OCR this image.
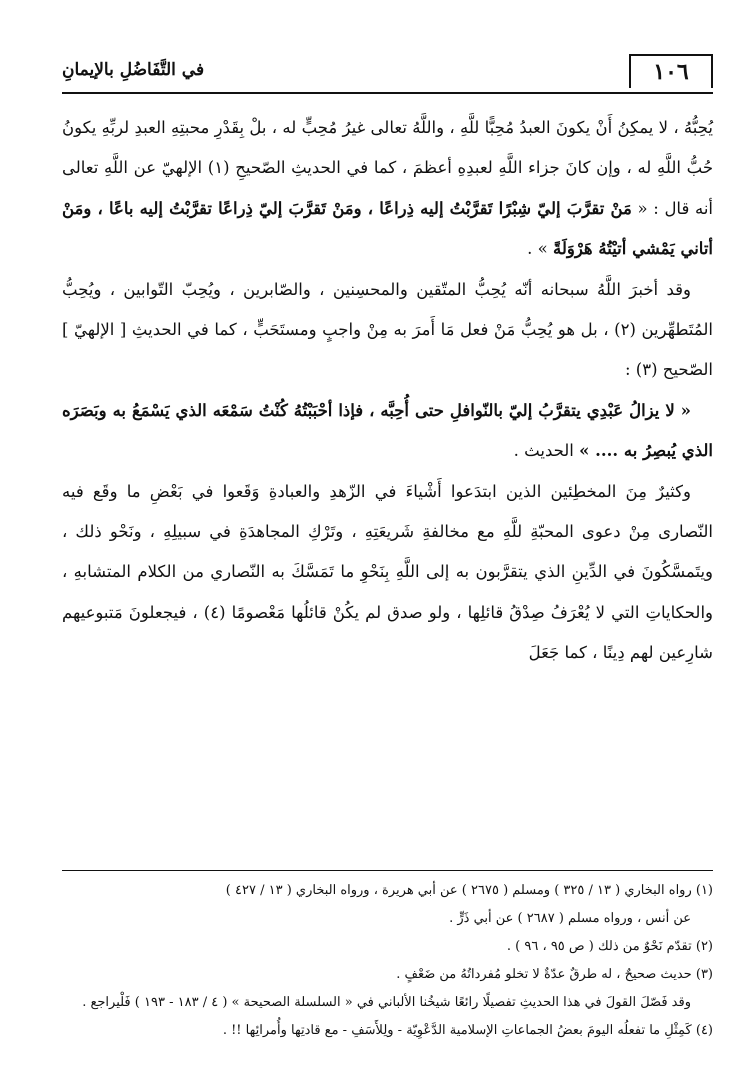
١٠٦
في التَّفَاضُلِ بالإيمانِ

يُحِبُّهُ ، لا يمكِنُ أَنْ يكونَ العبدُ مُحِبًّا للَّهِ ، واللَّهُ تعالى غيرُ مُحِبٍّ له ، بلْ بِقَدْرِ محبتِهِ العبدِ لربِّهِ يكونُ حُبُّ اللَّهِ له ، وإن كانَ جزاء اللَّهِ لعبدِهِ أعظمَ ، كما في الحديثِ الصّحيحِ (١) الإلهيّ عن اللَّهِ تعالى أنه قال : « مَنْ تقرَّبَ إليّ شِبْرًا تَقرَّبْتُ إليه ذِراعًا ، ومَنْ تَقرَّبَ إليّ ذِراعًا تقرَّبْتُ إليه باعًا ، ومَنْ أتاني يَمْشي أتيْتُهُ هَرْوَلَةً » .

وقد أخبرَ اللَّهُ سبحانه أنّه يُحِبُّ المتّقين والمحسِنين ، والصّابرين ، ويُحِبّ التّوابين ، ويُحِبُّ المُتَطهِّرين (٢) ، بل هو يُحِبُّ مَنْ فعل مَا أَمرَ به مِنْ واجبٍ ومستَحَبٍّ ، كما في الحديثِ [ الإلهيّ ] الصّحيح (٣) :

« لا يزالُ عَبْدِي يتقرَّبُ إليّ بالنّوافلِ حتى أُحِبَّه ، فإذا أحْبَبْتُهُ كُنْتُ سَمْعَه الذي يَسْمَعُ به وبَصَرَه الذي يُبصِرُ به .... » الحديث .

وكثيرٌ مِنَ المخطِئين الذين ابتدَعوا أَشْياءَ في الزّهدِ والعبادةِ وَقَعوا في بَعْضِ ما وقَع فيه النّصارى مِنْ دعوى المحبّةِ للَّهِ مع مخالفةِ شَريعَتِهِ ، وتَرْكِ المجاهدَةِ في سبيلِهِ ، ونَحْو ذلك ، ويتَمسَّكُونَ في الدِّينِ الذي يتقرَّبون به إلى اللَّهِ بِنَحْوِ ما تَمَسَّكَ به النّصاري من الكلام المتشابهِ ، والحكاياتِ التي لا يُعْرَفُ صِدْقُ قائلِها ، ولو صدق لم يكُنْ قائلُها مَعْصومًا (٤) ، فيجعلونَ مَتبوعيهم شارِعين لهم دِينًا ، كما جَعَلَ

(١) رواه البخاري ( ١٣ / ٣٢٥ ) ومسلم ( ٢٦٧٥ ) عن أبي هريرة ، ورواه البخاري ( ١٣ / ٤٢٧ )

عن أنس ، ورواه مسلم ( ٢٦٨٧ ) عن أبي ذَرٍّ .

(٢) تقدّم نَحْوٌ من ذلك ( ص ٩٥ ، ٩٦ ) .

(٣) حديث صحيحٌ ، له طرقٌ عدّةٌ لا تخلو مُفرداتُهُ من ضَعْفٍ .

وقد فَصّلَ القولَ في هذا الحديثِ تفصيلًا رائعًا شيخُنا الألباني في « السلسلة الصحيحة » ( ٤ / ١٨٣ - ١٩٣ ) فَلْيراجع .

(٤) كَمِثْلِ ما تفعلُه اليومَ بعضُ الجماعاتِ الإسلامية الدَّعْوِيّة - ولِلأَسَفِ - مع قادتِها وأُمرائِها !! .
